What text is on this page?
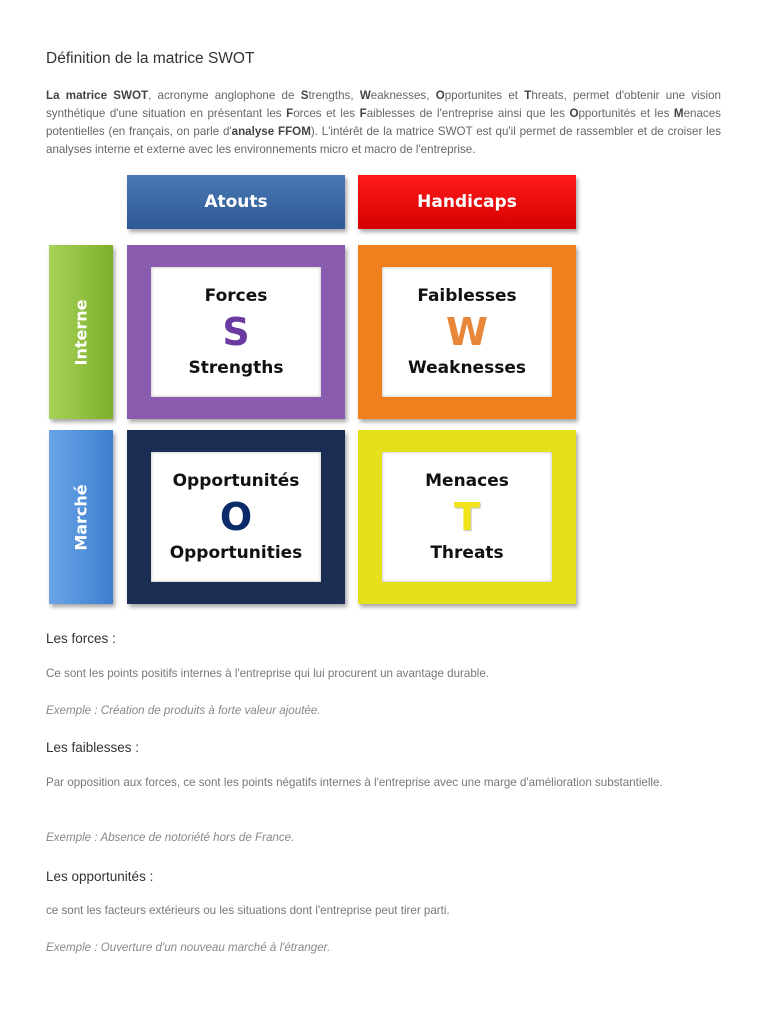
Définition de la matrice SWOT

La matrice SWOT, acronyme anglophone de Strengths, Weaknesses, Opportunites et Threats, permet d'obtenir une vision synthétique d'une situation en présentant les Forces et les Faiblesses de l'entreprise ainsi que les Opportunités et les Menaces potentielles (en français, on parle d'analyse FFOM). L'intérêt de la matrice SWOT est qu'il permet de rassembler et de croiser les analyses interne et externe avec les environnements micro et macro de l'entreprise.

Atouts	Handicaps
Interne
Marché
Forces
S
Strengths
Faiblesses
W
Weaknesses
Opportunités
O
Opportunities
Menaces
T
Threats
Les forces :

Ce sont les points positifs internes à l'entreprise qui lui procurent un avantage durable.

Exemple : Création de produits à forte valeur ajoutée.

Les faiblesses :

Par opposition aux forces, ce sont les points négatifs internes à l'entreprise avec une marge d'amélioration substantielle.

Exemple : Absence de notoriété hors de France.

Les opportunités :

ce sont les facteurs extérieurs ou les situations dont l'entreprise peut tirer parti.

Exemple : Ouverture d'un nouveau marché à l'étranger.
